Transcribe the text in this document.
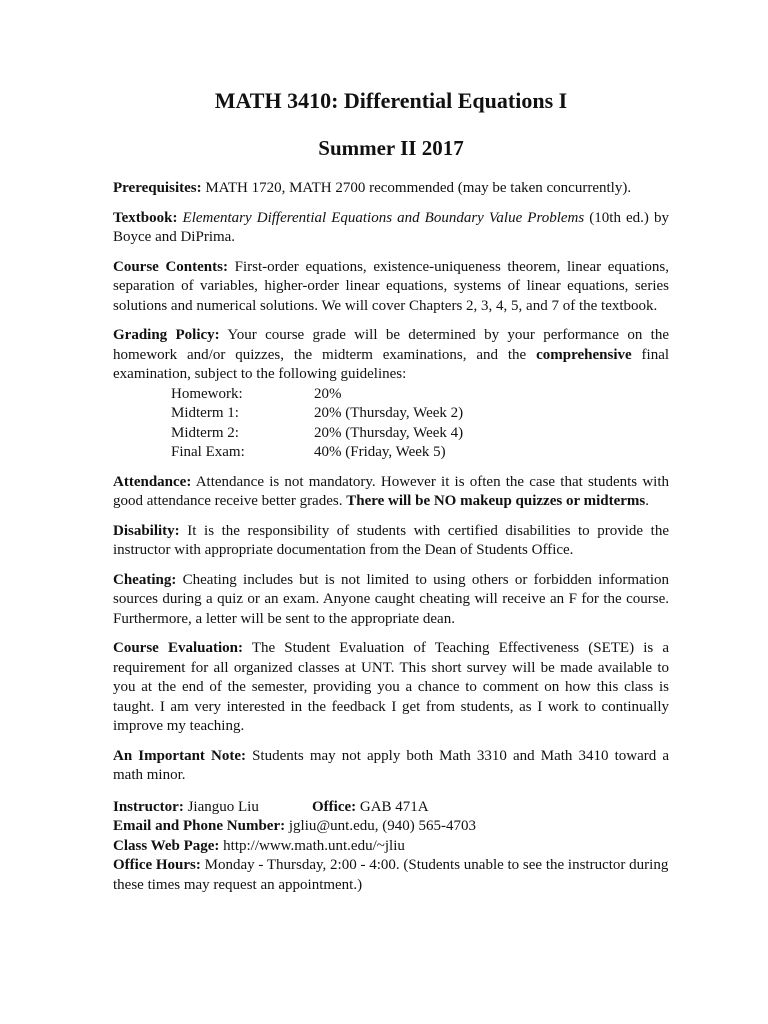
MATH 3410: Differential Equations I
Summer II 2017

Prerequisites: MATH 1720, MATH 2700 recommended (may be taken concurrently).

Textbook: Elementary Differential Equations and Boundary Value Problems (10th ed.) by Boyce and DiPrima.

Course Contents: First-order equations, existence-uniqueness theorem, linear equations, separation of variables, higher-order linear equations, systems of linear equations, series solutions and numerical solutions. We will cover Chapters 2, 3, 4, 5, and 7 of the textbook.

Grading Policy: Your course grade will be determined by your performance on the homework and/or quizzes, the midterm examinations, and the comprehensive final examination, subject to the following guidelines:

Homework:	20%
Midterm 1:	20% (Thursday, Week 2)
Midterm 2:	20% (Thursday, Week 4)
Final Exam:	40% (Friday, Week 5)

Attendance: Attendance is not mandatory. However it is often the case that students with good attendance receive better grades. There will be NO makeup quizzes or midterms.

Disability: It is the responsibility of students with certified disabilities to provide the instructor with appropriate documentation from the Dean of Students Office.

Cheating: Cheating includes but is not limited to using others or forbidden information sources during a quiz or an exam. Anyone caught cheating will receive an F for the course. Furthermore, a letter will be sent to the appropriate dean.

Course Evaluation: The Student Evaluation of Teaching Effectiveness (SETE) is a requirement for all organized classes at UNT. This short survey will be made available to you at the end of the semester, providing you a chance to comment on how this class is taught. I am very interested in the feedback I get from students, as I work to continually improve my teaching.

An Important Note: Students may not apply both Math 3310 and Math 3410 toward a math minor.

Instructor: Jianguo Liu	Office: GAB 471A
Email and Phone Number: jgliu@unt.edu, (940) 565-4703
Class Web Page: http://www.math.unt.edu/~jliu
Office Hours: Monday - Thursday, 2:00 - 4:00. (Students unable to see the instructor during these times may request an appointment.)
